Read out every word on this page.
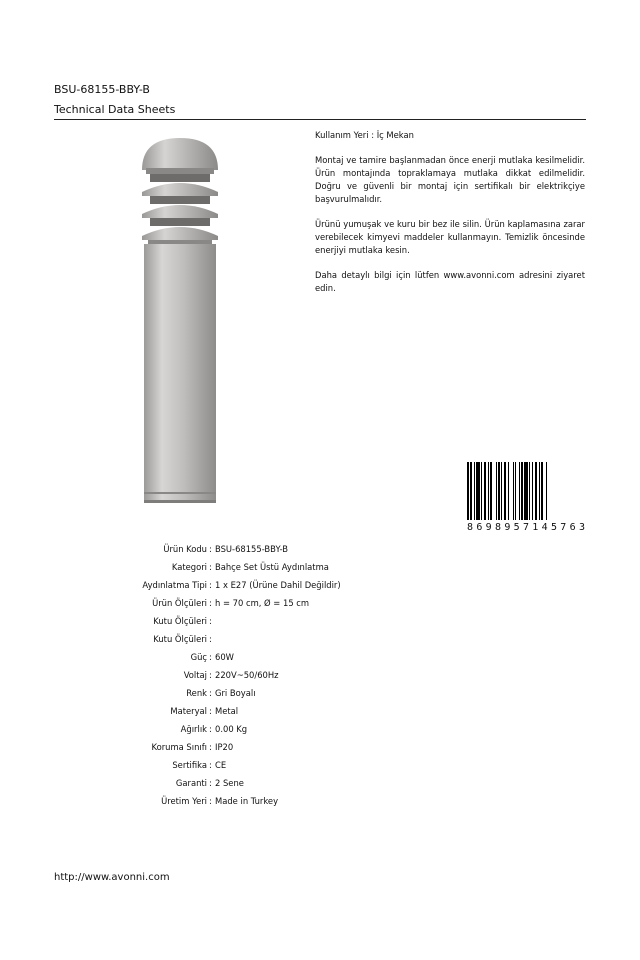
BSU-68155-BBY-B
Technical Data Sheets

Kullanım Yeri : İç Mekan

Montaj ve tamire başlanmadan önce enerji mutlaka kesilmelidir. Ürün montajında topraklamaya mutlaka dikkat edilmelidir. Doğru ve güvenli bir montaj için sertifikalı bir elektrikçiye başvurulmalıdır.

Ürünü yumuşak ve kuru bir bez ile silin. Ürün kaplamasına zarar verebilecek kimyevi maddeler kullanmayın. Temizlik öncesinde enerjiyi mutlaka kesin.

Daha detaylı bilgi için lütfen www.avonni.com adresini ziyaret edin.

8 6 9 8 9 5 7 1 4 5 7 6 3
Ürün Kodu : BSU-68155-BBY-B
Kategori : Bahçe Set Üstü Aydınlatma
Aydınlatma Tipi : 1 x E27 (Ürüne Dahil Değildir)
Ürün Ölçüleri : h = 70 cm, Ø = 15 cm
Kutu Ölçüleri :
Kutu Ölçüleri :
Güç : 60W
Voltaj : 220V~50/60Hz
Renk : Gri Boyalı
Materyal : Metal
Ağırlık : 0.00 Kg
Koruma Sınıfı : IP20
Sertifika : CE
Garanti : 2 Sene
Üretim Yeri : Made in Turkey
http://www.avonni.com
